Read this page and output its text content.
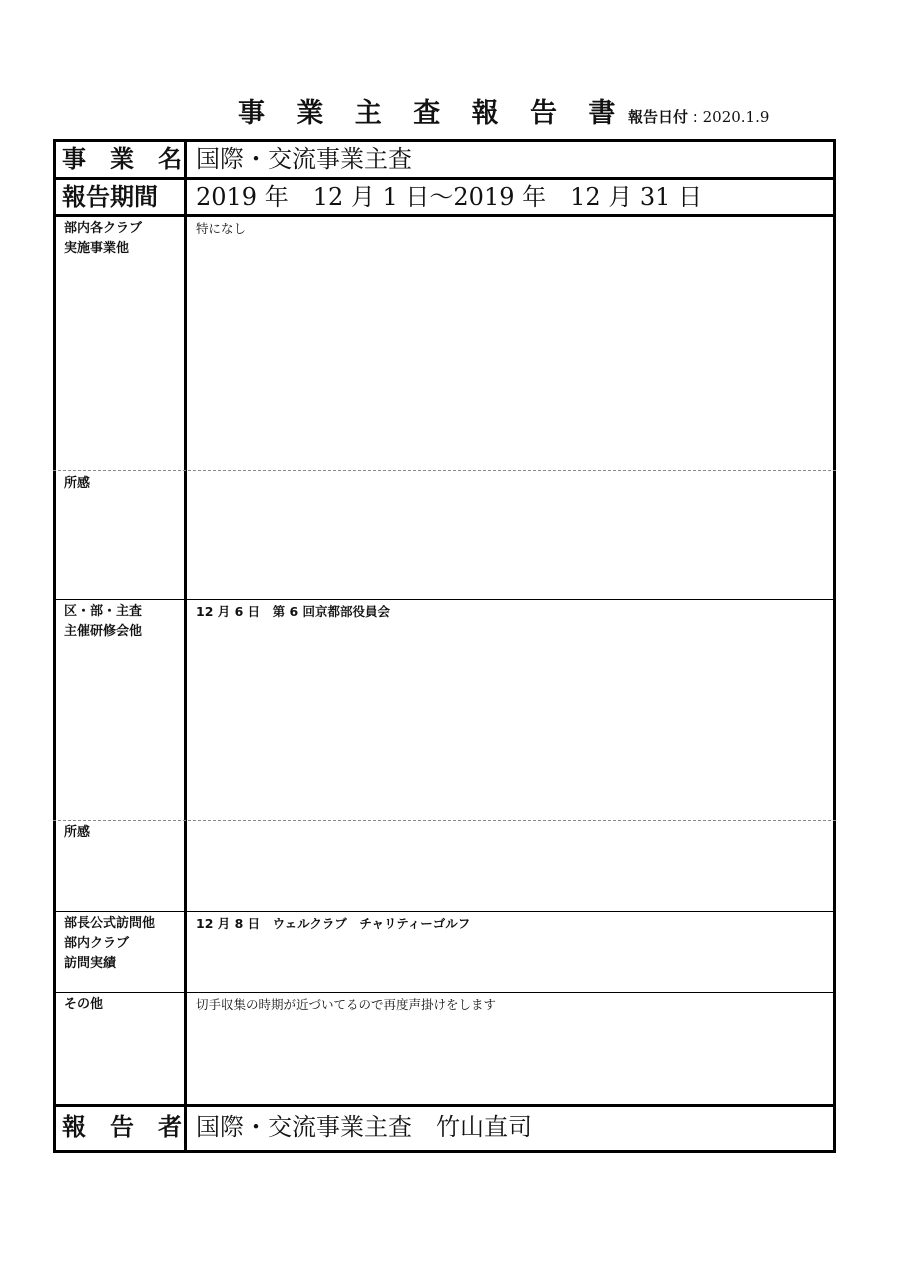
事 業 主 査 報 告 書 報告日付 : 2020.1.9
事　業　名 国際・交流事業主査
報告期間 2019 年　12 月 1 日～2019 年　12 月 31 日
部内各クラブ
実施事業他
特になし
所感
区・部・主査
主催研修会他
12 月 6 日　第 6 回京都部役員会
所感
部長公式訪問他
部内クラブ
訪問実績
12 月 8 日　ウェルクラブ　チャリティーゴルフ
その他	切手収集の時期が近づいてるので再度声掛けをします
報　告　者 国際・交流事業主査　竹山直司
